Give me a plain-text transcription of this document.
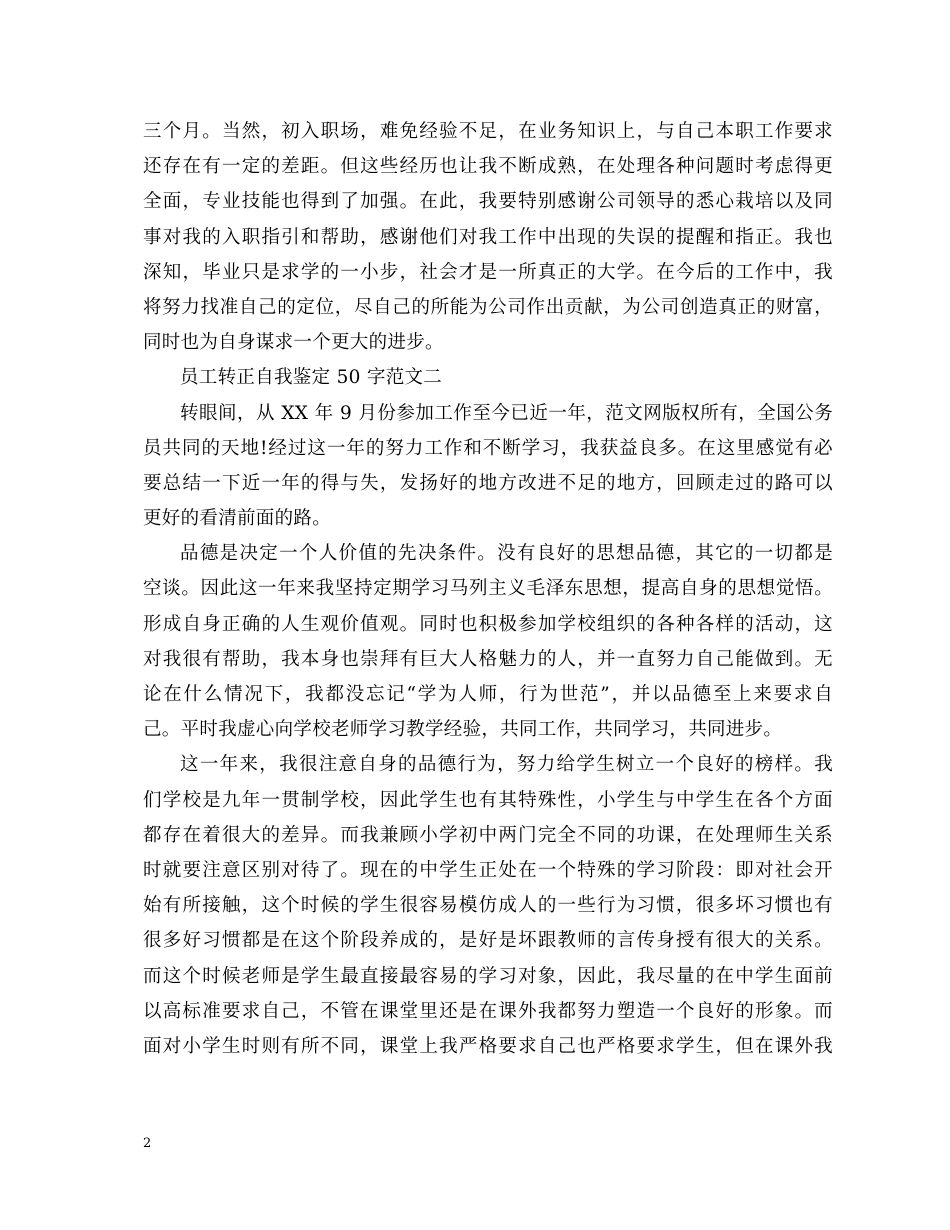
三个月。当然，初入职场，难免经验不足，在业务知识上，与自己本职工作要求
还存在有一定的差距。但这些经历也让我不断成熟，在处理各种问题时考虑得更
全面，专业技能也得到了加强。在此，我要特别感谢公司领导的悉心栽培以及同
事对我的入职指引和帮助，感谢他们对我工作中出现的失误的提醒和指正。我也
深知，毕业只是求学的一小步，社会才是一所真正的大学。在今后的工作中，我
将努力找准自己的定位，尽自己的所能为公司作出贡献，为公司创造真正的财富，
同时也为自身谋求一个更大的进步。
员工转正自我鉴定 50 字范文二
转眼间，从 XX 年 9 月份参加工作至今已近一年，范文网版权所有，全国公务
员共同的天地!经过这一年的努力工作和不断学习，我获益良多。在这里感觉有必
要总结一下近一年的得与失，发扬好的地方改进不足的地方，回顾走过的路可以
更好的看清前面的路。
品德是决定一个人价值的先决条件。没有良好的思想品德，其它的一切都是
空谈。因此这一年来我坚持定期学习马列主义毛泽东思想，提高自身的思想觉悟。
形成自身正确的人生观价值观。同时也积极参加学校组织的各种各样的活动，这
对我很有帮助，我本身也崇拜有巨大人格魅力的人，并一直努力自己能做到。无
论在什么情况下，我都没忘记“学为人师，行为世范”，并以品德至上来要求自
己。平时我虚心向学校老师学习教学经验，共同工作，共同学习，共同进步。
这一年来，我很注意自身的品德行为，努力给学生树立一个良好的榜样。我
们学校是九年一贯制学校，因此学生也有其特殊性，小学生与中学生在各个方面
都存在着很大的差异。而我兼顾小学初中两门完全不同的功课，在处理师生关系
时就要注意区别对待了。现在的中学生正处在一个特殊的学习阶段：即对社会开
始有所接触，这个时候的学生很容易模仿成人的一些行为习惯，很多坏习惯也有
很多好习惯都是在这个阶段养成的，是好是坏跟教师的言传身授有很大的关系。
而这个时候老师是学生最直接最容易的学习对象，因此，我尽量的在中学生面前
以高标准要求自己，不管在课堂里还是在课外我都努力塑造一个良好的形象。而
面对小学生时则有所不同，课堂上我严格要求自己也严格要求学生，但在课外我
2
